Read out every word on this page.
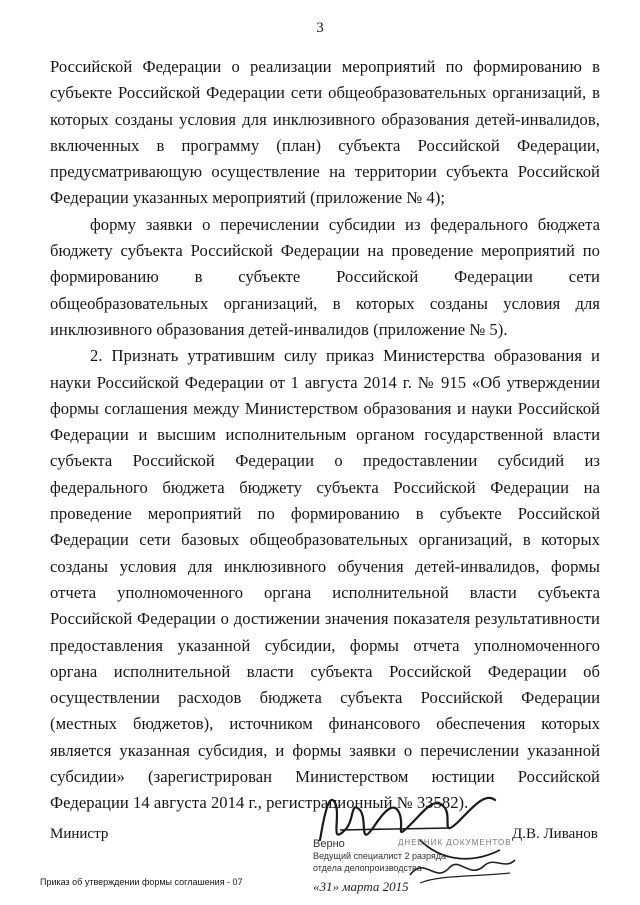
3

Российской Федерации о реализации мероприятий по формированию в субъекте Российской Федерации сети общеобразовательных организаций, в которых созданы условия для инклюзивного образования детей-инвалидов, включенных в программу (план) субъекта Российской Федерации, предусматривающую осуществление на территории субъекта Российской Федерации указанных мероприятий (приложение № 4);

форму заявки о перечислении субсидии из федерального бюджета бюджету субъекта Российской Федерации на проведение мероприятий по формированию в субъекте Российской Федерации сети общеобразовательных организаций, в которых созданы условия для инклюзивного образования детей-инвалидов (приложение № 5).

2. Признать утратившим силу приказ Министерства образования и науки Российской Федерации от 1 августа 2014 г. № 915 «Об утверждении формы соглашения между Министерством образования и науки Российской Федерации и высшим исполнительным органом государственной власти субъекта Российской Федерации о предоставлении субсидий из федерального бюджета бюджету субъекта Российской Федерации на проведение мероприятий по формированию в субъекте Российской Федерации сети базовых общеобразовательных организаций, в которых созданы условия для инклюзивного обучения детей-инвалидов, формы отчета уполномоченного органа исполнительной власти субъекта Российской Федерации о достижении значения показателя результативности предоставления указанной субсидии, формы отчета уполномоченного органа исполнительной власти субъекта Российской Федерации об осуществлении расходов бюджета субъекта Российской Федерации (местных бюджетов), источником финансового обеспечения которых является указанная субсидия, и формы заявки о перечислении указанной субсидии» (зарегистрирован Министерством юстиции Российской Федерации 14 августа 2014 г., регистрационный № 33582).

Министр	Д.В. Ливанов
ДНЕВНИК ДОКУМЕНТОВ
Верно
Ведущий специалист 2 разряда
отдела делопроизводства
«31» марта 2015
Приказ об утверждении формы соглашения - 07
